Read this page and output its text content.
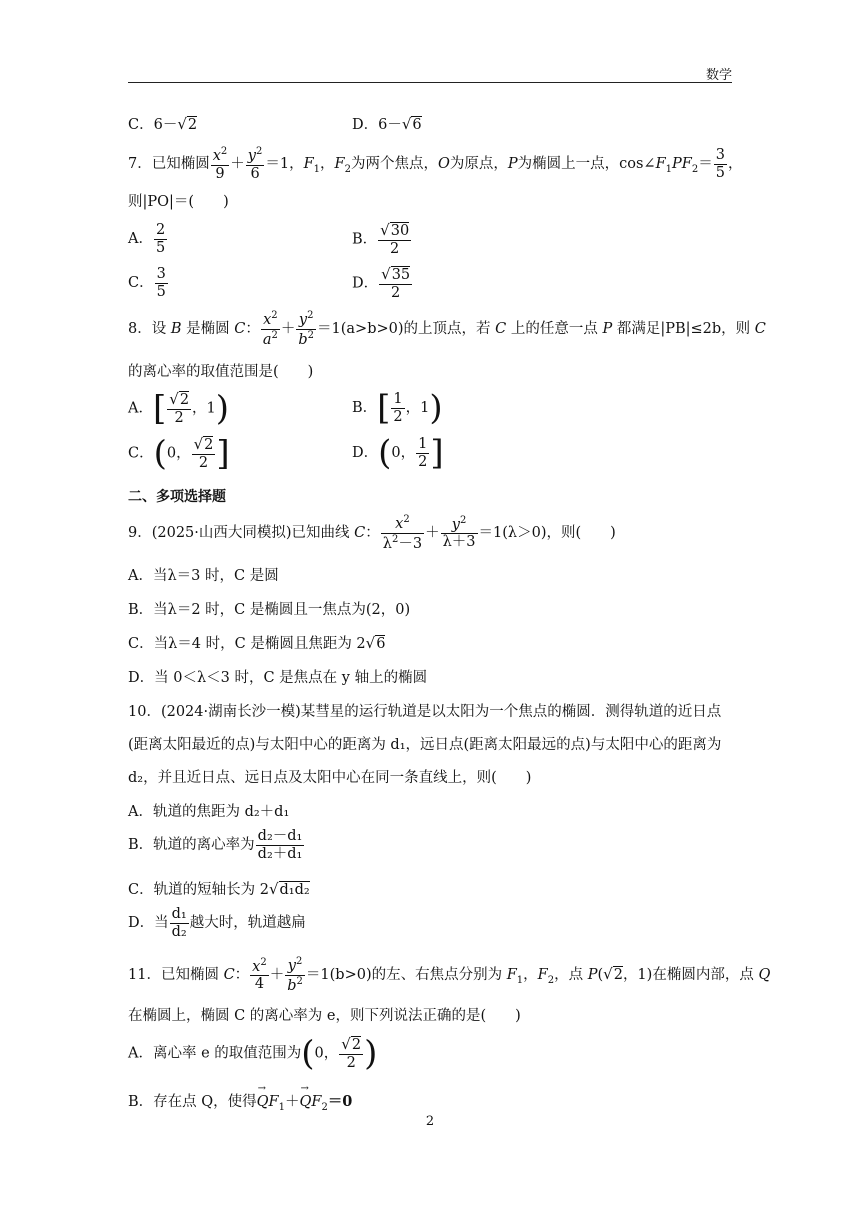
数学
C．6－√2	D．6－√6
7．已知椭圆 $\frac{x^2}{9} + \frac{y^2}{6} =1$，$F_1$，$F_2$为两个焦点，O为原点，P为椭圆上一点，$\cos\angle F_1PF_2= \frac{3}{5}$ ，
则|PO|＝(　　)
A． $\frac{2}{5}$	B． $\frac{√30}{2}$
C． $\frac{3}{5}$	D． $\frac{√35}{2}$
8．设 B 是椭圆 C： $\frac{x^2}{a^2} + \frac{y^2}{b^2} =1(a>b>0)$的上顶点，若 C 上的任意一点 P 都满足|PB|≤2b，则 C
的离心率的取值范围是(　　)
A．[ $\frac{√2}{2}$ ，1)	B．[ $\frac{1}{2}$ ，1)
C．(0， $\frac{√2}{2}$ ]	D．(0， $\frac{1}{2}$ ]
二、多项选择题
9．(2025·山西大同模拟)已知曲线 C： $\frac{x^2}{\lambda^2-3} + \frac{y^2}{\lambda+3} =1(\lambda>0)$，则(　　)
A．当λ＝3 时，C 是圆
B．当λ＝2 时，C 是椭圆且一焦点为(2，0)
C．当λ＝4 时，C 是椭圆且焦距为 2√6
D．当 0＜λ＜3 时，C 是焦点在 y 轴上的椭圆
10．(2024·湖南长沙一模)某彗星的运行轨道是以太阳为一个焦点的椭圆．测得轨道的近日点
(距离太阳最近的点)与太阳中心的距离为 d₁，远日点(距离太阳最远的点)与太阳中心的距离为
d₂，并且近日点、远日点及太阳中心在同一条直线上，则(　　)
A．轨道的焦距为 d₂＋d₁
B．轨道的离心率为 $\frac{\text{d₂－d₁}}{\text{d₂＋d₁}}$
C．轨道的短轴长为 2√d₁d₂
D．当 $\frac{\text{d₁}}{\text{d₂}}$ 越大时，轨道越扁
11．已知椭圆 C： $\frac{x^2}{4} + \frac{y^2}{b^2} =1(b>0)$的左、右焦点分别为 $F_1$，$F_2$，点 P(√2，1)在椭圆内部，点 Q
在椭圆上，椭圆 C 的离心率为 e，则下列说法正确的是(　　)
A．离心率 e 的取值范围为(0， $\frac{√2}{2}$ )
B．存在点 Q，使得→ $QF_1+\to QF_2=0$
2
